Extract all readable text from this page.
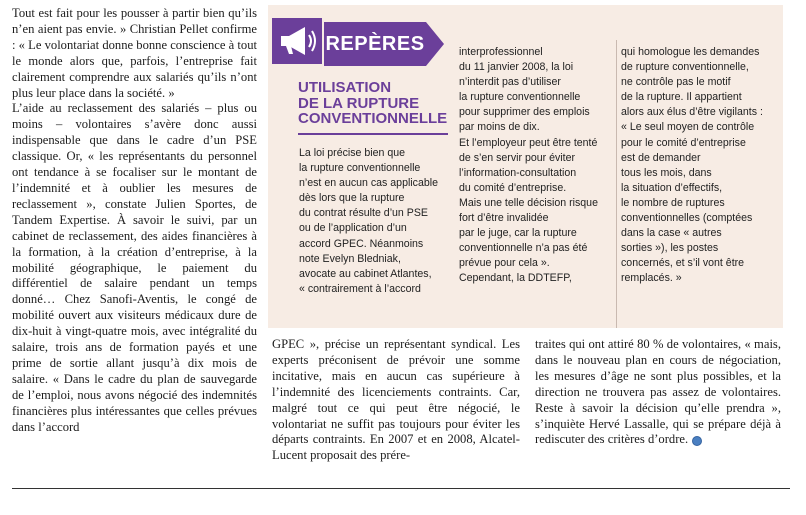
Tout est fait pour les pousser à partir bien qu’ils n’en aient pas envie. » Christian Pellet confirme : « Le volontariat donne bonne conscience à tout le monde alors que, parfois, l’entreprise fait clairement comprendre aux salariés qu’ils n’ont plus leur place dans la société. »

L’aide au reclassement des salariés – plus ou moins – volontaires s’avère donc aussi indispensable que dans le cadre d’un PSE classique. Or, « les représentants du personnel ont tendance à se focaliser sur le montant de l’indemnité et à oublier les mesures de reclassement », constate Julien Sportes, de Tandem Expertise. À savoir le suivi, par un cabinet de reclassement, des aides financières à la formation, à la création d’entreprise, à la mobilité géographique, le paiement du différentiel de salaire pendant un temps donné… Chez Sanofi-Aventis, le congé de mobilité ouvert aux visiteurs médicaux dure de dix-huit à vingt-quatre mois, avec intégralité du salaire, trois ans de formation payés et une prime de sortie allant jusqu’à dix mois de salaire. « Dans le cadre du plan de sauvegarde de l’emploi, nous avons négocié des indemnités financières plus intéressantes que celles prévues dans l’accord

REPÈRES
UTILISATION
DE LA RUPTURE
CONVENTIONNELLE
La loi précise bien que
la rupture conventionnelle
n’est en aucun cas applicable
dès lors que la rupture
du contrat résulte d’un PSE
ou de l’application d’un
accord GPEC. Néanmoins
note Evelyn Bledniak,
avocate au cabinet Atlantes,
« contrairement à l’accord
interprofessionnel
du 11 janvier 2008, la loi
n’interdit pas d’utiliser
la rupture conventionnelle
pour supprimer des emplois
par moins de dix.
Et l’employeur peut être tenté
de s’en servir pour éviter
l’information-consultation
du comité d’entreprise.
Mais une telle décision risque
fort d’être invalidée
par le juge, car la rupture
conventionnelle n’a pas été
prévue pour cela ».
Cependant, la DDTEFP,
qui homologue les demandes
de rupture conventionnelle,
ne contrôle pas le motif
de la rupture. Il appartient
alors aux élus d’être vigilants :
« Le seul moyen de contrôle
pour le comité d’entreprise
est de demander
tous les mois, dans
la situation d’effectifs,
le nombre de ruptures
conventionnelles (comptées
dans la case « autres
sorties »), les postes
concernés, et s’il vont être
remplacés. »

GPEC », précise un représentant syndical. Les experts préconisent de prévoir une somme incitative, mais en aucun cas supérieure à l’indemnité des licenciements contraints. Car, malgré tout ce qui peut être négocié, le volontariat ne suffit pas toujours pour éviter les départs contraints. En 2007 et en 2008, Alcatel-Lucent proposait des prére-

traites qui ont attiré 80 % de volontaires, « mais, dans le nouveau plan en cours de négociation, les mesures d’âge ne sont plus possibles, et la direction ne trouvera pas assez de volontaires. Reste à savoir la décision qu’elle prendra », s’inquiète Hervé Lassalle, qui se prépare déjà à rediscuter des critères d’ordre.
